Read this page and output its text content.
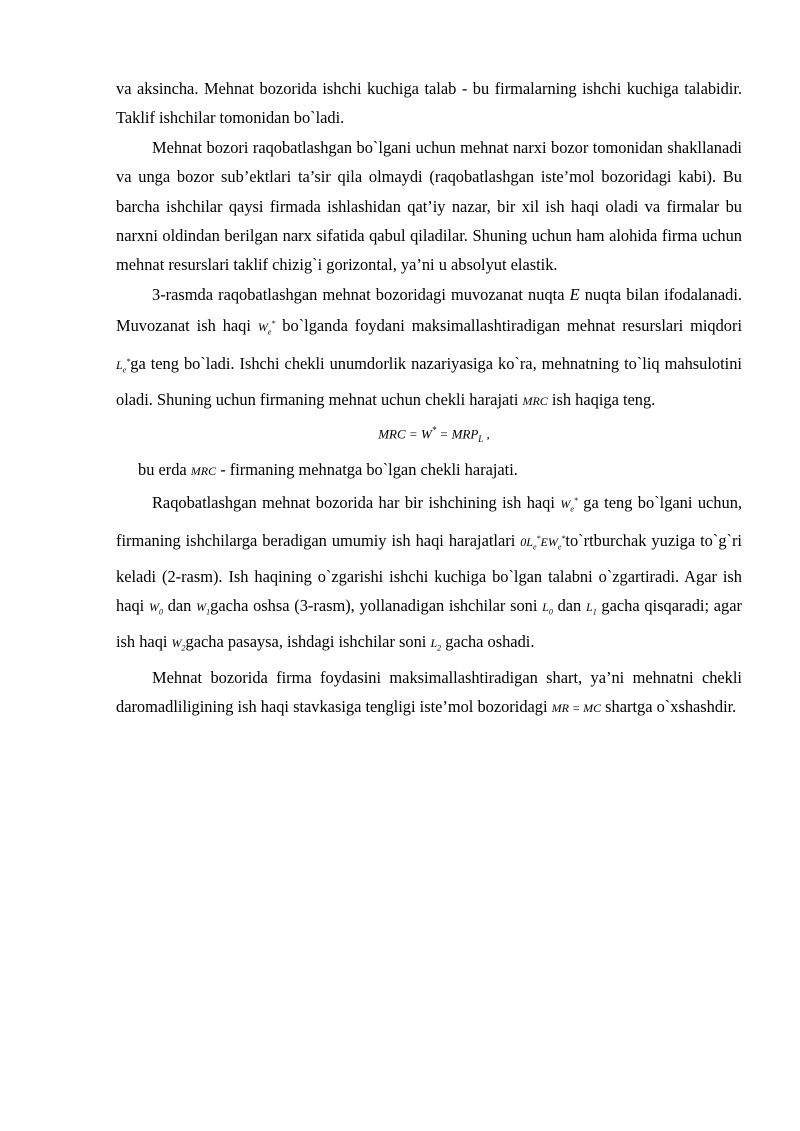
va aksincha. Mehnat bozorida ishchi kuchiga talab - bu firmalarning ishchi kuchiga talabidir. Taklif ishchilar tomonidan bo`ladi.

Mehnat bozori raqobatlashgan bo`lgani uchun mehnat narxi bozor tomonidan shakllanadi va unga bozor sub’ektlari ta’sir qila olmaydi (raqobatlashgan iste’mol bozoridagi kabi). Bu barcha ishchilar qaysi firmada ishlashidan qat’iy nazar, bir xil ish haqi oladi va firmalar bu narxni oldindan berilgan narx sifatida qabul qiladilar. Shuning uchun ham alohida firma uchun mehnat resurslari taklif chizig`i gorizontal, ya’ni u absolyut elastik.

3-rasmda raqobatlashgan mehnat bozoridagi muvozanat nuqta E nuqta bilan ifodalanadi. Muvozanat ish haqi $W_e^*$ bo`lganda foydani maksimallashtiradigan mehnat resurslari miqdori $L_e^*ga$ teng bo`ladi. Ishchi chekli unumdorlik nazariyasiga ko`ra, mehnatning to`liq mahsulotini oladi. Shuning uchun firmaning mehnat uchun chekli harajati MRC ish haqiga teng.

MRC = $W^* = MRP_L$ ,

bu erda MRC - firmaning mehnatga bo`lgan chekli harajati.

Raqobatlashgan mehnat bozorida har bir ishchining ish haqi $W_e^*$ ga teng bo`lgani uchun, firmaning ishchilarga beradigan umumiy ish haqi harajatlari $0L_e^*EW_e^*to`rtburchak$ yuziga to`g`ri keladi (2-rasm). Ish haqining o`zgarishi ishchi kuchiga bo`lgan talabni o`zgartiradi. Agar ish haqi $W_0$ dan $W_1gacha$ oshsa (3-rasm), yollanadigan ishchilar soni $L_0$ dan $L_1$ gacha qisqaradi; agar ish haqi $W_2gacha$ pasaysa, ishdagi ishchilar soni $L_2$ gacha oshadi.

Mehnat bozorida firma foydasini maksimallashtiradigan shart, ya’ni mehnatni chekli daromadliligining ish haqi stavkasiga tengligi iste’mol bozoridagi MR = MC shartga o`xshashdir.
